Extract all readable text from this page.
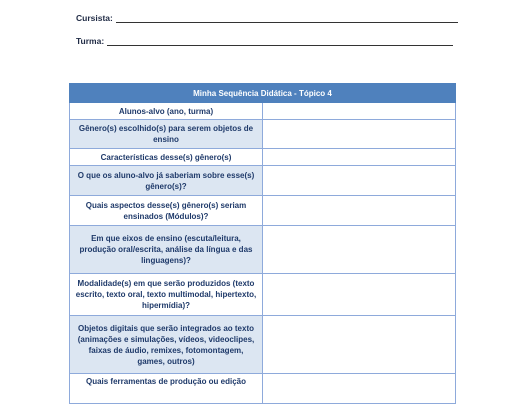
Cursista:
Turma:
Minha Sequência Didática - Tópico 4	
Alunos-alvo (ano, turma)	
Gênero(s) escolhido(s) para serem objetos de ensino	
Características desse(s) gênero(s)	
O que os aluno-alvo já saberiam sobre esse(s) gênero(s)?	
Quais aspectos desse(s) gênero(s) seriam ensinados (Módulos)?	
Em que eixos de ensino (escuta/leitura, produção oral/escrita, análise da língua e das linguagens)?	
Modalidade(s) em que serão produzidos (texto escrito, texto oral, texto multimodal, hipertexto, hipermídia)?	
Objetos digitais que serão integrados ao texto (animações e simulações, vídeos, videoclipes, faixas de áudio, remixes, fotomontagem, games, outros)	
Quais ferramentas de produção ou edição	
